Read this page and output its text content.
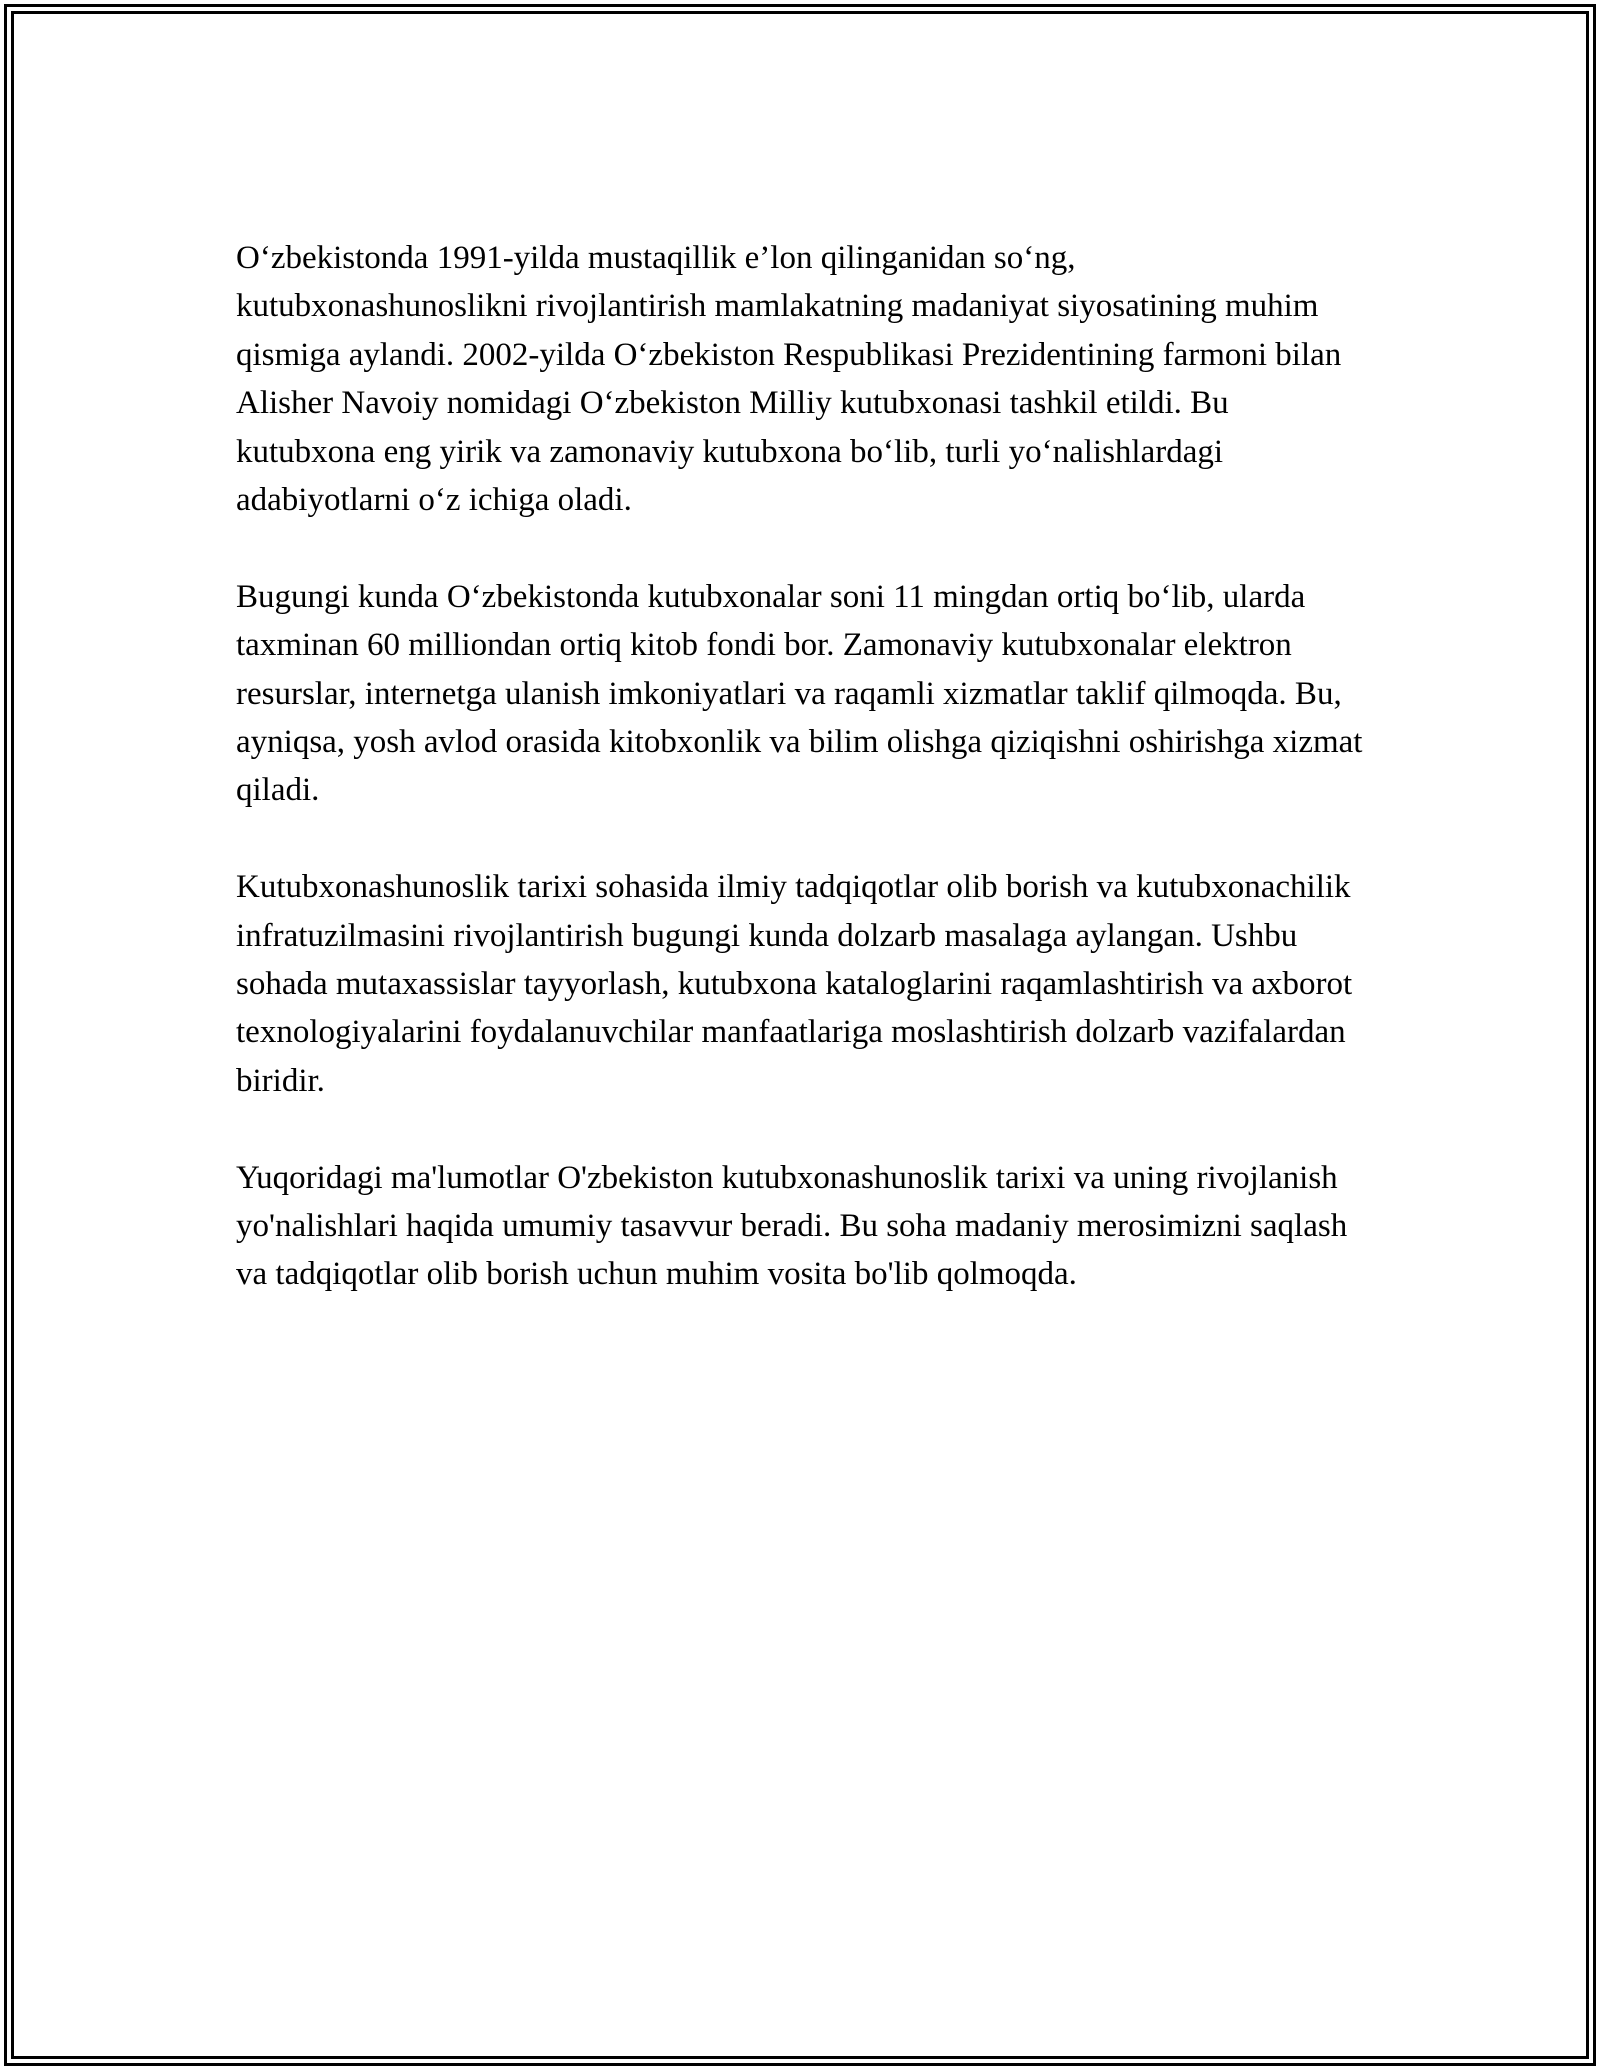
O‘zbekistonda 1991-yilda mustaqillik e’lon qilinganidan so‘ng, kutubxonashunoslikni rivojlantirish mamlakatning madaniyat siyosatining muhim qismiga aylandi. 2002-yilda O‘zbekiston Respublikasi Prezidentining farmoni bilan Alisher Navoiy nomidagi O‘zbekiston Milliy kutubxonasi tashkil etildi. Bu kutubxona eng yirik va zamonaviy kutubxona bo‘lib, turli yo‘nalishlardagi adabiyotlarni o‘z ichiga oladi.

Bugungi kunda O‘zbekistonda kutubxonalar soni 11 mingdan ortiq bo‘lib, ularda taxminan 60 milliondan ortiq kitob fondi bor. Zamonaviy kutubxonalar elektron resurslar, internetga ulanish imkoniyatlari va raqamli xizmatlar taklif qilmoqda. Bu, ayniqsa, yosh avlod orasida kitobxonlik va bilim olishga qiziqishni oshirishga xizmat qiladi.

Kutubxonashunoslik tarixi sohasida ilmiy tadqiqotlar olib borish va kutubxonachilik infratuzilmasini rivojlantirish bugungi kunda dolzarb masalaga aylangan. Ushbu sohada mutaxassislar tayyorlash, kutubxona kataloglarini raqamlashtirish va axborot texnologiyalarini foydalanuvchilar manfaatlariga moslashtirish dolzarb vazifalardan biridir.

Yuqoridagi ma'lumotlar O'zbekiston kutubxonashunoslik tarixi va uning rivojlanish yo'nalishlari haqida umumiy tasavvur beradi. Bu soha madaniy merosimizni saqlash va tadqiqotlar olib borish uchun muhim vosita bo'lib qolmoqda.
